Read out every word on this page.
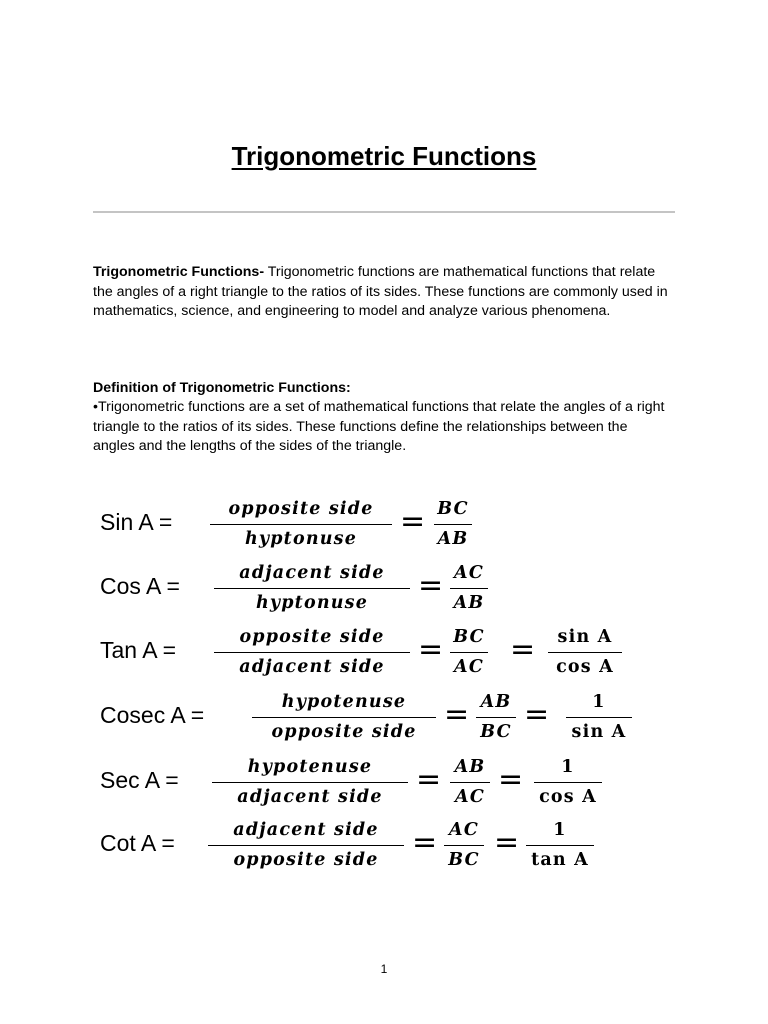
Trigonometric Functions
Trigonometric Functions- Trigonometric functions are mathematical functions that relate the angles of a right triangle to the ratios of its sides. These functions are commonly used in mathematics, science, and engineering to model and analyze various phenomena.
Definition of Trigonometric Functions:
•Trigonometric functions are a set of mathematical functions that relate the angles of a right triangle to the ratios of its sides. These functions define the relationships between the angles and the lengths of the sides of the triangle.
Sin A =	opposite side
hyptonuse	= BC
AB
Cos A =	adjacent side
hyptonuse	= AC
AB
Tan A =	opposite side
adjacent side	= BC
AC =	sin A
cos A
Cosec A =	hypotenuse
opposite side = AB
BC =	1
sin A
Sec A =	hypotenuse
adjacent side	= AB
AC =	1
cos A
Cot A =	adjacent side
opposite side	= AC
BC =	1
tan A
1
